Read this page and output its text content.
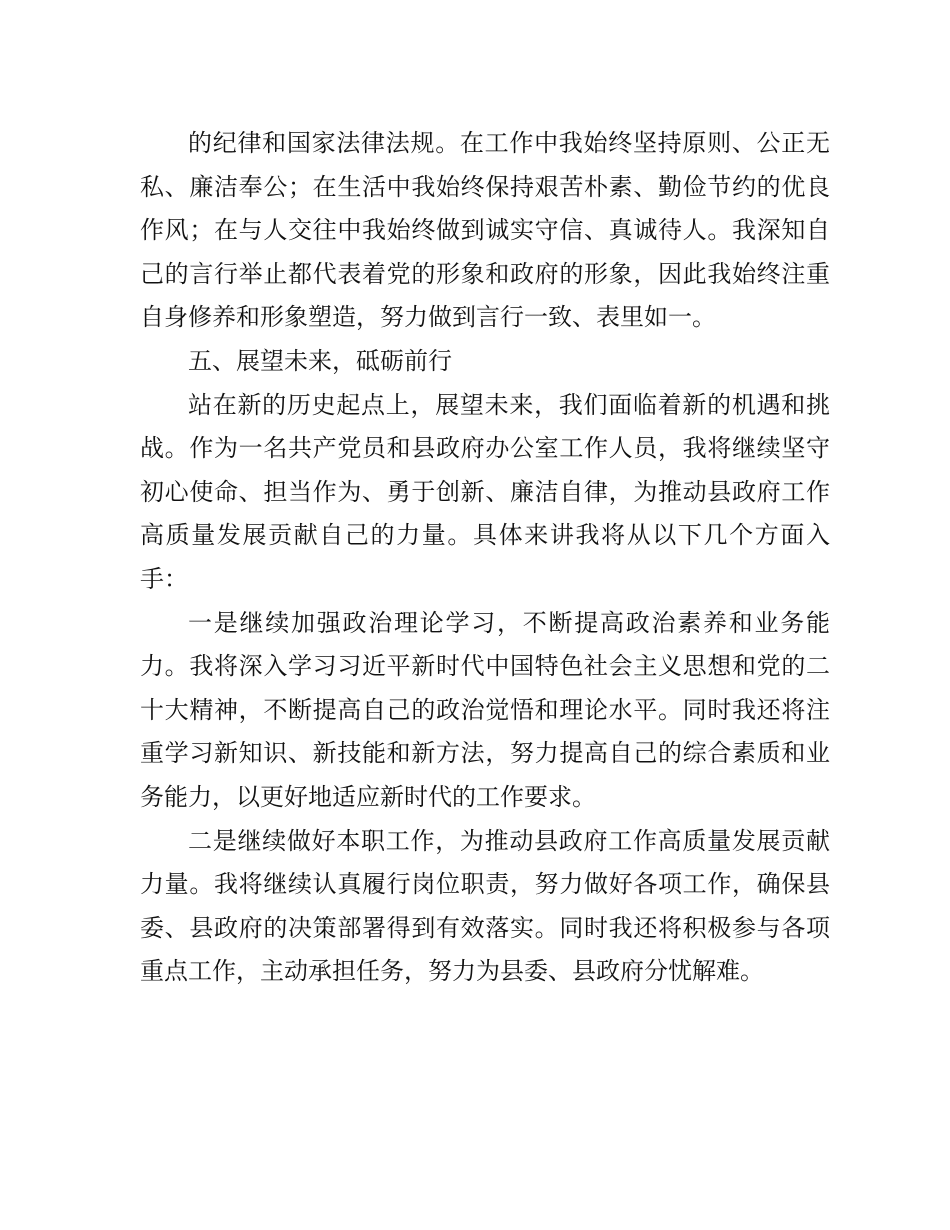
的纪律和国家法律法规。在工作中我始终坚持原则、公正无私、廉洁奉公；在生活中我始终保持艰苦朴素、勤俭节约的优良作风；在与人交往中我始终做到诚实守信、真诚待人。我深知自己的言行举止都代表着党的形象和政府的形象，因此我始终注重自身修养和形象塑造，努力做到言行一致、表里如一。

五、展望未来，砥砺前行

站在新的历史起点上，展望未来，我们面临着新的机遇和挑战。作为一名共产党员和县政府办公室工作人员，我将继续坚守初心使命、担当作为、勇于创新、廉洁自律，为推动县政府工作高质量发展贡献自己的力量。具体来讲我将从以下几个方面入手：

一是继续加强政治理论学习，不断提高政治素养和业务能力。我将深入学习习近平新时代中国特色社会主义思想和党的二十大精神，不断提高自己的政治觉悟和理论水平。同时我还将注重学习新知识、新技能和新方法，努力提高自己的综合素质和业务能力，以更好地适应新时代的工作要求。

二是继续做好本职工作，为推动县政府工作高质量发展贡献力量。我将继续认真履行岗位职责，努力做好各项工作，确保县委、县政府的决策部署得到有效落实。同时我还将积极参与各项重点工作，主动承担任务，努力为县委、县政府分忧解难。
